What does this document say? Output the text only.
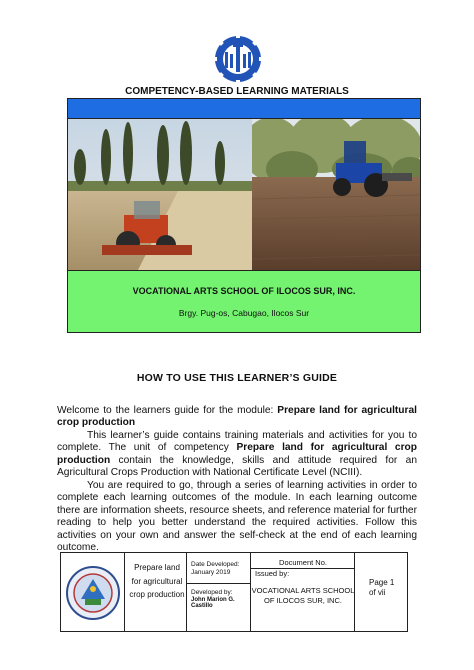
COMPETENCY-BASED LEARNING MATERIALS
VOCATIONAL ARTS SCHOOL OF ILOCOS SUR, INC.
Brgy. Pug-os, Cabugao, Ilocos Sur
HOW TO USE THIS LEARNER’S GUIDE
Welcome to the learners guide for the module: Prepare land for agricultural crop production
This learner’s guide contains training materials and activities for you to complete. The unit of competency Prepare land for agricultural crop production contain the knowledge, skills and attitude required for an Agricultural Crops Production with National Certificate Level (NCIII).
You are required to go, through a series of learning activities in order to complete each learning outcomes of the module. In each learning outcome there are information sheets, resource sheets, and reference material for further reading to help you better understand the required activities. Follow this activities on your own and answer the self-check at the end of each learning outcome.
Prepare land for agricultural crop production
Date Developed:
January 2019
Developed by:
John Marion G. Castillo
Document No.
Issued by:
VOCATIONAL ARTS SCHOOL OF ILOCOS SUR, INC.
Page 1 of vii
